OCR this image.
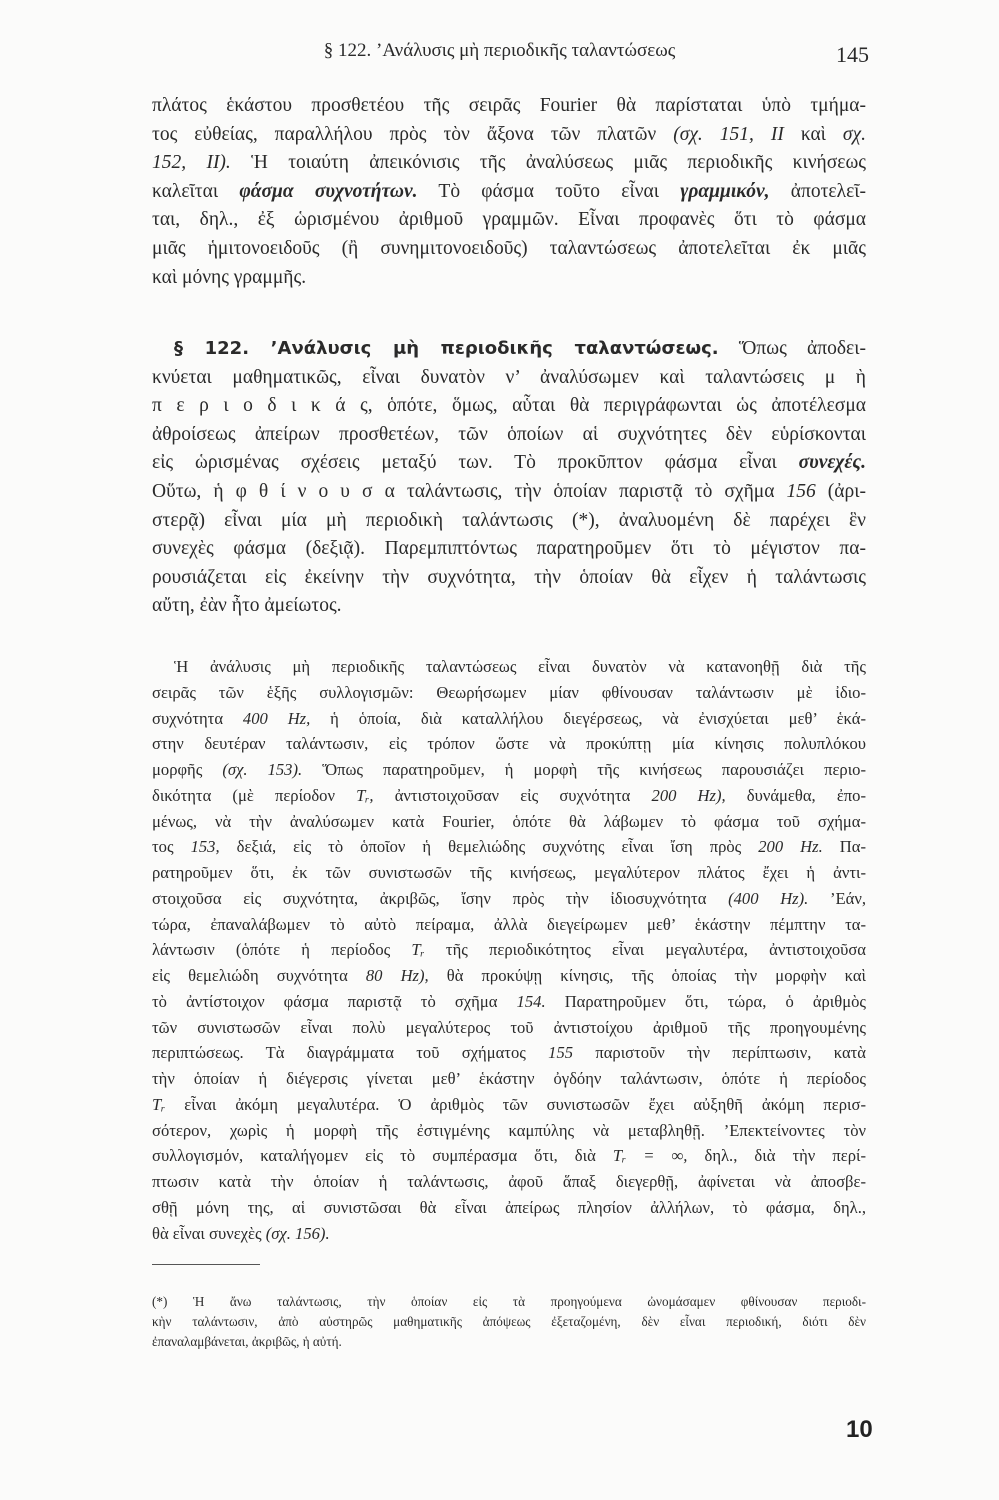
§ 122. ’Ανάλυσις μὴ περιοδικῆς ταλαντώσεως	145
πλάτος ἑκάστου προσθετέου τῆς σειρᾶς Fourier θὰ παρίσταται ὑπὸ τμήμα-
τος εὐθείας, παραλλήλου πρὸς τὸν ἄξονα τῶν πλατῶν (σχ. 151, II καὶ σχ.
152, II). Ἡ τοιαύτη ἀπεικόνισις τῆς ἀναλύσεως μιᾶς περιοδικῆς κινήσεως
καλεῖται φάσμα συχνοτήτων. Τὸ φάσμα τοῦτο εἶναι γραμμικόν, ἀποτελεῖ-
ται, δηλ., ἐξ ὡρισμένου ἀριθμοῦ γραμμῶν. Εἶναι προφανὲς ὅτι τὸ φάσμα
μιᾶς ἡμιτονοειδοῦς (ἢ συνημιτονοειδοῦς) ταλαντώσεως ἀποτελεῖται ἐκ μιᾶς
καὶ μόνης γραμμῆς.
§ 122. ’Ανάλυσις μὴ περιοδικῆς ταλαντώσεως. Ὅπως ἀποδει-
κνύεται μαθηματικῶς, εἶναι δυνατὸν ν’ ἀναλύσωμεν καὶ ταλαντώσεις μ ὴ
π ε ρ ι ο δ ι κ ά ς, ὁπότε, ὅμως, αὗται θὰ περιγράφωνται ὡς ἀποτέλεσμα
ἀθροίσεως ἀπείρων προσθετέων, τῶν ὁποίων αἱ συχνότητες δὲν εὑρίσκονται
εἰς ὡρισμένας σχέσεις μεταξύ των. Τὸ προκῦπτον φάσμα εἶναι συνεχές.
Οὕτω, ἡ φ θ ί ν ο υ σ α ταλάντωσις, τὴν ὁποίαν παριστᾷ τὸ σχῆμα 156 (ἀρι-
στερᾷ) εἶναι μία μὴ περιοδικὴ ταλάντωσις (*), ἀναλυομένη δὲ παρέχει ἓν
συνεχὲς φάσμα (δεξιᾷ). Παρεμπιπτόντως παρατηροῦμεν ὅτι τὸ μέγιστον πα-
ρουσιάζεται εἰς ἐκείνην τὴν συχνότητα, τὴν ὁποίαν θὰ εἶχεν ἡ ταλάντωσις
αὔτη, ἐὰν ἦτο ἀμείωτος.
Ἡ ἀνάλυσις μὴ περιοδικῆς ταλαντώσεως εἶναι δυνατὸν νὰ κατανοηθῇ διὰ τῆς
σειρᾶς τῶν ἑξῆς συλλογισμῶν: Θεωρήσωμεν μίαν φθίνουσαν ταλάντωσιν μὲ ἰδιο-
συχνότητα 400 Hz, ἡ ὁποία, διὰ καταλλήλου διεγέρσεως, νὰ ἐνισχύεται μεθ’ ἑκά-
στην δευτέραν ταλάντωσιν, εἰς τρόπον ὥστε νὰ προκύπτῃ μία κίνησις πολυπλόκου
μορφῆς (σχ. 153). Ὅπως παρατηροῦμεν, ἡ μορφὴ τῆς κινήσεως παρουσιάζει περιο-
δικότητα (μὲ περίοδον Tᵣ, ἀντιστοιχοῦσαν εἰς συχνότητα 200 Hz), δυνάμεθα, ἐπο-
μένως, νὰ τὴν ἀναλύσωμεν κατὰ Fourier, ὁπότε θὰ λάβωμεν τὸ φάσμα τοῦ σχήμα-
τος 153, δεξιά, εἰς τὸ ὁποῖον ἡ θεμελιώδης συχνότης εἶναι ἴση πρὸς 200 Hz. Πα-
ρατηροῦμεν ὅτι, ἐκ τῶν συνιστωσῶν τῆς κινήσεως, μεγαλύτερον πλάτος ἔχει ἡ ἀντι-
στοιχοῦσα εἰς συχνότητα, ἀκριβῶς, ἴσην πρὸς τὴν ἰδιοσυχνότητα (400 Hz). ’Εάν,
τώρα, ἐπαναλάβωμεν τὸ αὐτὸ πείραμα, ἀλλὰ διεγείρωμεν μεθ’ ἑκάστην πέμπτην τα-
λάντωσιν (ὁπότε ἡ περίοδος Tᵣ τῆς περιοδικότητος εἶναι μεγαλυτέρα, ἀντιστοιχοῦσα
εἰς θεμελιώδη συχνότητα 80 Hz), θὰ προκύψῃ κίνησις, τῆς ὁποίας τὴν μορφὴν καὶ
τὸ ἀντίστοιχον φάσμα παριστᾷ τὸ σχῆμα 154. Παρατηροῦμεν ὅτι, τώρα, ὁ ἀριθμὸς
τῶν συνιστωσῶν εἶναι πολὺ μεγαλύτερος τοῦ ἀντιστοίχου ἀριθμοῦ τῆς προηγουμένης
περιπτώσεως. Τὰ διαγράμματα τοῦ σχήματος 155 παριστοῦν τὴν περίπτωσιν, κατὰ
τὴν ὁποίαν ἡ διέγερσις γίνεται μεθ’ ἑκάστην ὀγδόην ταλάντωσιν, ὁπότε ἡ περίοδος
Tᵣ εἶναι ἀκόμη μεγαλυτέρα. Ὁ ἀριθμὸς τῶν συνιστωσῶν ἔχει αὐξηθῆ ἀκόμη περισ-
σότερον, χωρὶς ἡ μορφὴ τῆς ἐστιγμένης καμπύλης νὰ μεταβληθῇ. ’Επεκτείνοντες τὸν
συλλογισμόν, καταλήγομεν εἰς τὸ συμπέρασμα ὅτι, διὰ Tᵣ = ∞, δηλ., διὰ τὴν περί-
πτωσιν κατὰ τὴν ὁποίαν ἡ ταλάντωσις, ἀφοῦ ἅπαξ διεγερθῇ, ἀφίνεται νὰ ἀποσβε-
σθῇ μόνη της, αἱ συνιστῶσαι θὰ εἶναι ἀπείρως πλησίον ἀλλήλων, τὸ φάσμα, δηλ.,
θὰ εἶναι συνεχὲς (σχ. 156).
(*) Ἡ ἄνω ταλάντωσις, τὴν ὁποίαν εἰς τὰ προηγούμενα ὠνομάσαμεν φθίνουσαν περιοδι-
κὴν ταλάντωσιν, ἀπὸ αὐστηρῶς μαθηματικῆς ἀπόψεως ἐξεταζομένη, δὲν εἶναι περιοδική, διότι δὲν
ἐπαναλαμβάνεται, ἀκριβῶς, ἡ αὐτή.
10
